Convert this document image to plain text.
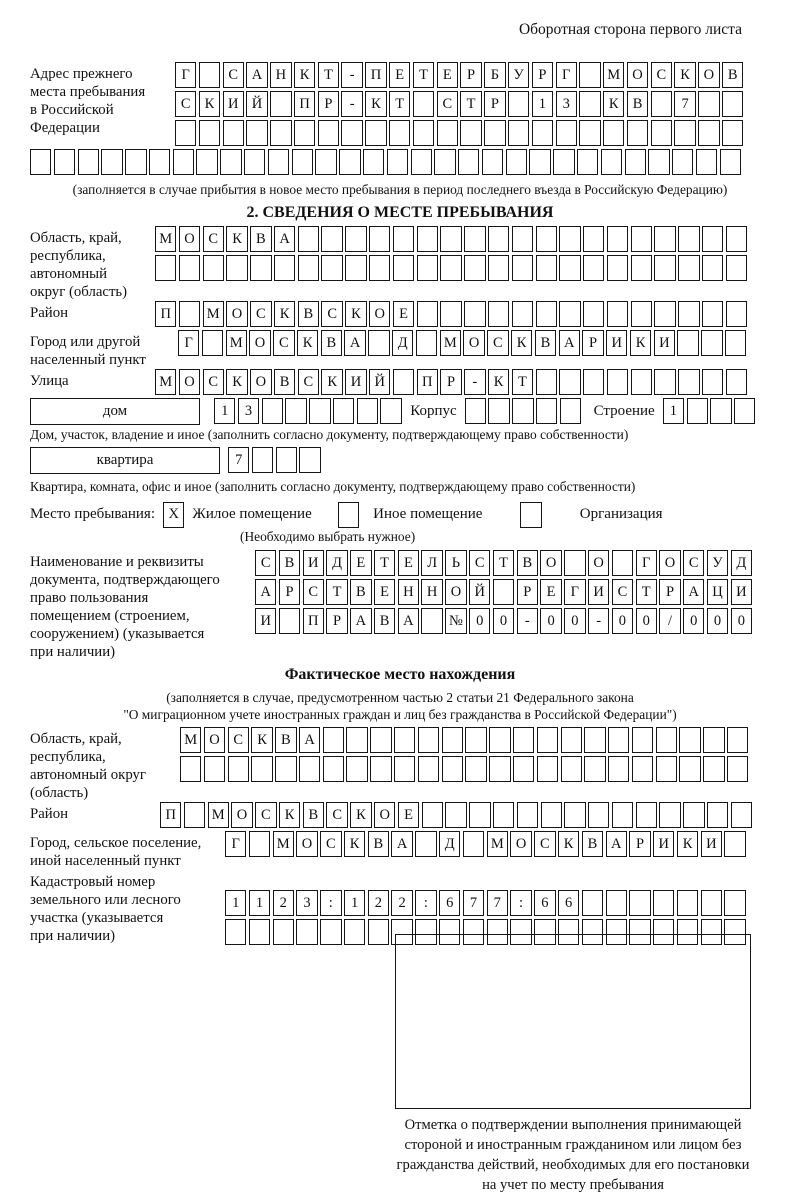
Оборотная сторона первого листа
Адрес прежнего
места пребывания
в Российской
Федерации
Г	С А Н К	Т	-	П Е	Т	Е	Р	Б У	Р	Г	М О С К О В
С К И Й	П	Р	-	К	Т	С	Т	Р	1	3	К В	7
(заполняется в случае прибытия в новое место пребывания в период последнего въезда в Российскую Федерацию)
2. СВЕДЕНИЯ О МЕСТЕ ПРЕБЫВАНИЯ
Область, край,
республика,
автономный
округ (область)
М О С К В А
Район	П	М О С К В С К О Е
Город или другой
населенный пункт
Г	М О С К В А	Д	М О С К В А	Р	И К И
Улица	М О С К О В С К И Й	П	Р	-	К	Т
дом	1	3	Корпус	Строение	1
Дом, участок, владение и иное (заполнить согласно документу, подтверждающему право собственности)
квартира	7
Квартира, комната, офис и иное (заполнить согласно документу, подтверждающему право собственности)
Место пребывания: X Жилое помещение	Иное помещение	Организация
(Необходимо выбрать нужное)
Наименование и реквизиты
документа, подтверждающего
право пользования
помещением (строением,
сооружением) (указывается
при наличии)
С В И Д Е	Т	Е Л	Ь	С	Т	В О	О	Г О С У Д
А	Р	С	Т	В	Е Н Н О Й	Р	Е	Г И С	Т	Р	А Ц И
И	П	Р	А В А	№ 0	0	-	0	0	-	0	0	/	0	0	0
Фактическое место нахождения
(заполняется в случае, предусмотренном частью 2 статьи 21 Федерального закона
"О миграционном учете иностранных граждан и лиц без гражданства в Российской Федерации")
Область, край,
республика,
автономный округ
(область)
М О С К В А
Район	П	М О С К В С К О Е
Город, сельское поселение,
иной населенный пункт
Г	М О С К В А	Д	М О С К В А	Р	И К И
Кадастровый номер
земельного или лесного
участка (указывается
при наличии)
1	1	2	3	:	1	2	2	:	6	7	7	:	6	6
Отметка о подтверждении выполнения принимающей стороной и иностранным гражданином или лицом без гражданства действий, необходимых для его постановки на учет по месту пребывания
